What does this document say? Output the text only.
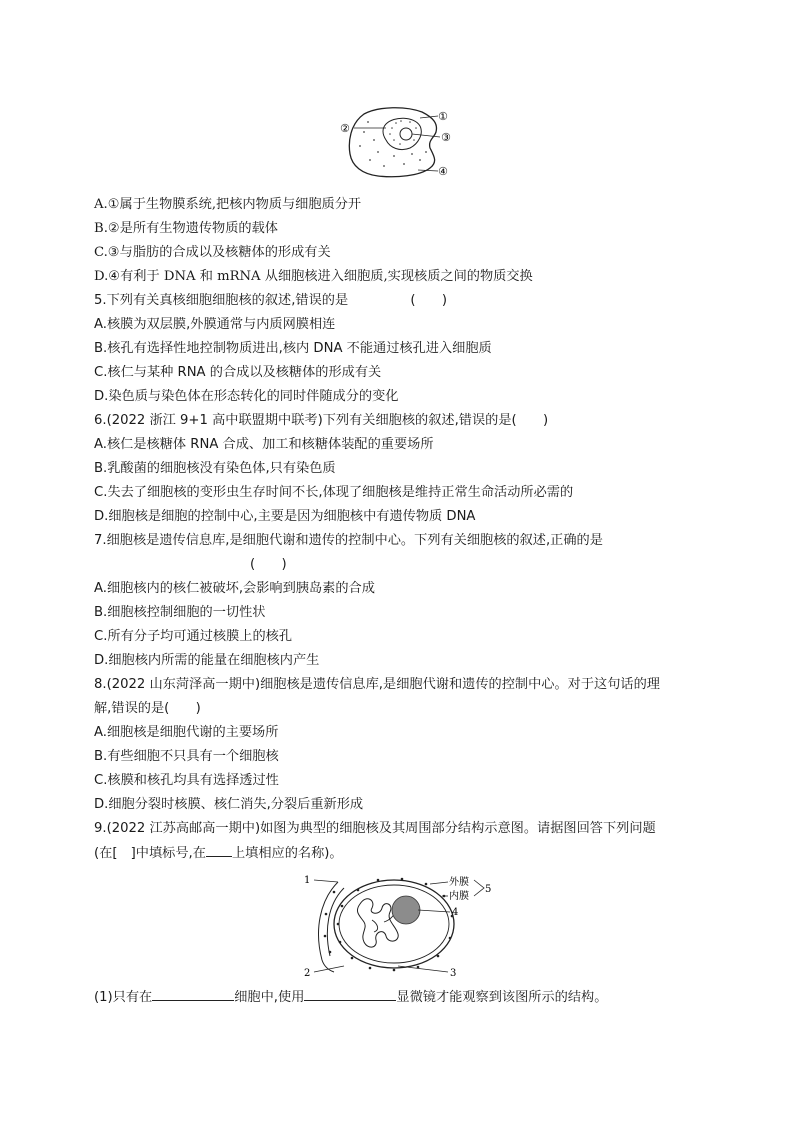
②
①
③
④
A.①属于生物膜系统,把核内物质与细胞质分开
B.②是所有生物遗传物质的载体
C.③与脂肪的合成以及核糖体的形成有关
D.④有利于 DNA 和 mRNA 从细胞核进入细胞质,实现核质之间的物质交换
5.下列有关真核细胞细胞核的叙述,错误的是	(　　)
A.核膜为双层膜,外膜通常与内质网膜相连
B.核孔有选择性地控制物质进出,核内 DNA 不能通过核孔进入细胞质
C.核仁与某种 RNA 的合成以及核糖体的形成有关
D.染色质与染色体在形态转化的同时伴随成分的变化
6.(2022 浙江 9+1 高中联盟期中联考)下列有关细胞核的叙述,错误的是(　　)
A.核仁是核糖体 RNA 合成、加工和核糖体装配的重要场所
B.乳酸菌的细胞核没有染色体,只有染色质
C.失去了细胞核的变形虫生存时间不长,体现了细胞核是维持正常生命活动所必需的
D.细胞核是细胞的控制中心,主要是因为细胞核中有遗传物质 DNA
7.细胞核是遗传信息库,是细胞代谢和遗传的控制中心。下列有关细胞核的叙述,正确的是
(　　)
A.细胞核内的核仁被破坏,会影响到胰岛素的合成
B.细胞核控制细胞的一切性状
C.所有分子均可通过核膜上的核孔
D.细胞核内所需的能量在细胞核内产生
8.(2022 山东菏泽高一期中)细胞核是遗传信息库,是细胞代谢和遗传的控制中心。对于这句话的理
解,错误的是(　　)
A.细胞核是细胞代谢的主要场所
B.有些细胞不只具有一个细胞核
C.核膜和核孔均具有选择透过性
D.细胞分裂时核膜、核仁消失,分裂后重新形成
9.(2022 江苏高邮高一期中)如图为典型的细胞核及其周围部分结构示意图。请据图回答下列问题
(在[　]中填标号,在 上填相应的名称)。
1
2	3
4
5
外膜
内膜
(1)只有在	细胞中,使用	显微镜才能观察到该图所示的结构。
